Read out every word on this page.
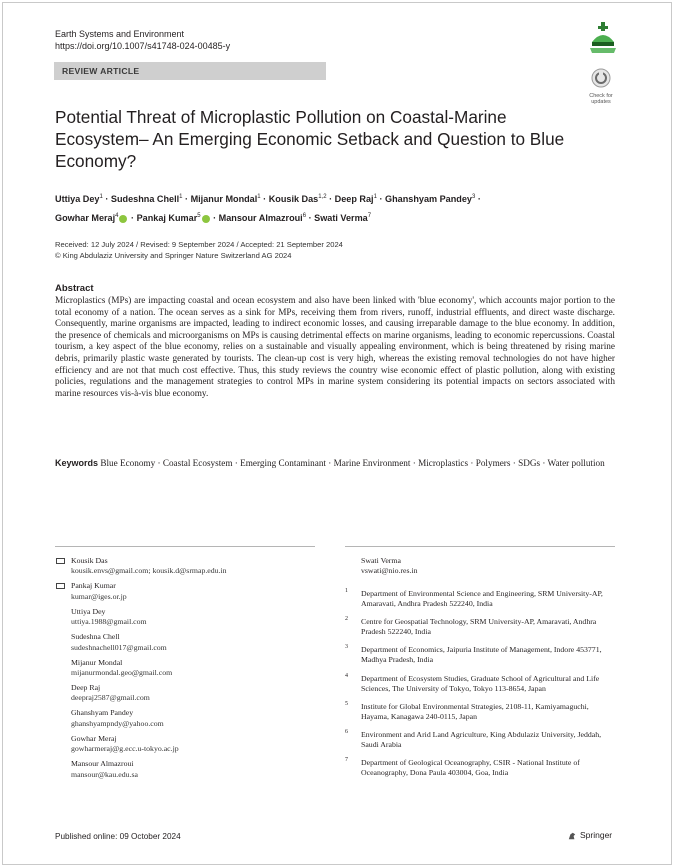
Earth Systems and Environment
https://doi.org/10.1007/s41748-024-00485-y
REVIEW ARTICLE
Check for updates
Potential Threat of Microplastic Pollution on Coastal-Marine Ecosystem– An Emerging Economic Setback and Question to Blue Economy?
Uttiya Dey$^1$ · Sudeshna Chell$^1$ · Mijanur Mondal$^1$ · Kousik Das$^{1,2}$ · Deep Raj$^1$ · Ghanshyam Pandey$^3$ ·
Gowhar Meraj$^4$ · Pankaj Kumar$^5$ · Mansour Almazroui$^6$ · Swati Verma$^7$
Received: 12 July 2024 / Revised: 9 September 2024 / Accepted: 21 September 2024
© King Abdulaziz University and Springer Nature Switzerland AG 2024
Abstract
Microplastics (MPs) are impacting coastal and ocean ecosystem and also have been linked with 'blue economy', which accounts major portion to the total economy of a nation. The ocean serves as a sink for MPs, receiving them from rivers, runoff, industrial effluents, and direct waste discharge. Consequently, marine organisms are impacted, leading to indirect economic losses, and causing irreparable damage to the blue economy. In addition, the presence of chemicals and microorganisms on MPs is causing detrimental effects on marine organisms, leading to economic repercussions. Coastal tourism, a key aspect of the blue economy, relies on a sustainable and visually appealing environment, which is being threatened by rising marine debris, primarily plastic waste generated by tourists. The clean-up cost is very high, whereas the existing removal technologies do not have higher efficiency and are not that much cost effective. Thus, this study reviews the country wise economic effect of plastic pollution, along with existing policies, regulations and the management strategies to control MPs in marine system considering its potential impacts on sectors associated with marine resources vis-à-vis blue economy.
Keywords Blue Economy · Coastal Ecosystem · Emerging Contaminant · Marine Environment · Microplastics · Polymers · SDGs · Water pollution
Kousik Das
kousik.envs@gmail.com; kousik.d@srmap.edu.in
Pankaj Kumar
kumar@iges.or.jp
Uttiya Dey
uttiya.1988@gmail.com
Sudeshna Chell
sudeshnachell017@gmail.com
Mijanur Mondal
mijanurmondal.geo@gmail.com
Deep Raj
deepraj2587@gmail.com
Ghanshyam Pandey
ghanshyampndy@yahoo.com
Gowhar Meraj
gowharmeraj@g.ecc.u-tokyo.ac.jp
Mansour Almazroui
mansour@kau.edu.sa
Swati Verma
vswati@nio.res.in
1 Department of Environmental Science and Engineering, SRM University-AP, Amaravati, Andhra Pradesh 522240, India
2 Centre for Geospatial Technology, SRM University-AP, Amaravati, Andhra Pradesh 522240, India
3 Department of Economics, Jaipuria Institute of Management, Indore 453771, Madhya Pradesh, India
4 Department of Ecosystem Studies, Graduate School of Agricultural and Life Sciences, The University of Tokyo, Tokyo 113-8654, Japan
5 Institute for Global Environmental Strategies, 2108-11, Kamiyamaguchi, Hayama, Kanagawa 240-0115, Japan
6 Environment and Arid Land Agriculture, King Abdulaziz University, Jeddah, Saudi Arabia
7 Department of Geological Oceanography, CSIR - National Institute of Oceanography, Dona Paula 403004, Goa, India
Published online: 09 October 2024	Springer
